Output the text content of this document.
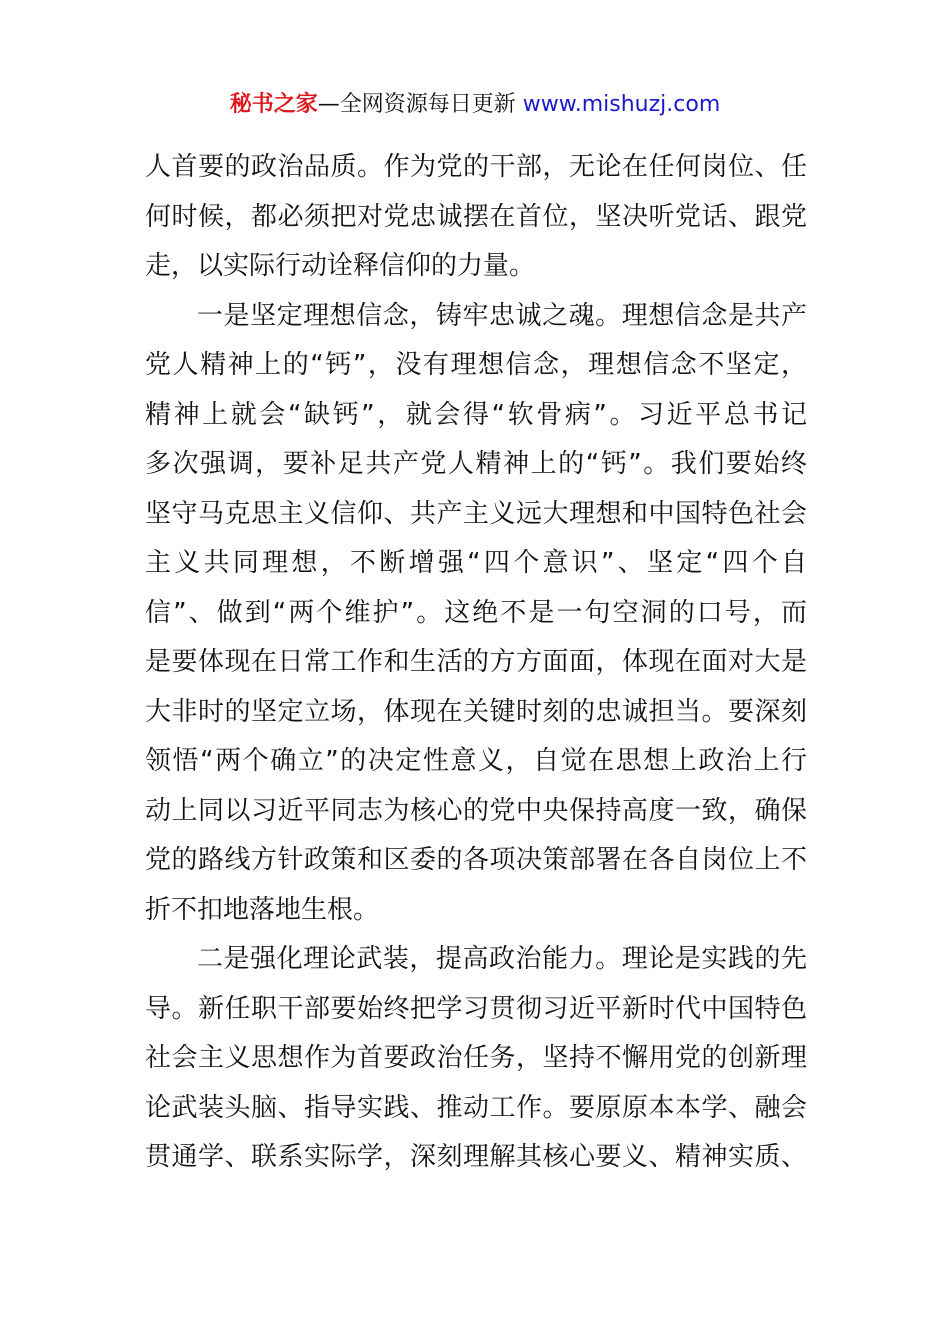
秘书之家—全网资源每日更新 www.mishuzj.com
人首要的政治品质。作为党的干部，无论在任何岗位、任
何时候，都必须把对党忠诚摆在首位，坚决听党话、跟党
走，以实际行动诠释信仰的力量。
一是坚定理想信念，铸牢忠诚之魂。理想信念是共产
党人精神上的“钙”，没有理想信念，理想信念不坚定，
精神上就会“缺钙”，就会得“软骨病”。习近平总书记
多次强调，要补足共产党人精神上的“钙”。我们要始终
坚守马克思主义信仰、共产主义远大理想和中国特色社会
主义共同理想，不断增强“四个意识”、坚定“四个自
信”、做到“两个维护”。这绝不是一句空洞的口号，而
是要体现在日常工作和生活的方方面面，体现在面对大是
大非时的坚定立场，体现在关键时刻的忠诚担当。要深刻
领悟“两个确立”的决定性意义，自觉在思想上政治上行
动上同以习近平同志为核心的党中央保持高度一致，确保
党的路线方针政策和区委的各项决策部署在各自岗位上不
折不扣地落地生根。
二是强化理论武装，提高政治能力。理论是实践的先
导。新任职干部要始终把学习贯彻习近平新时代中国特色
社会主义思想作为首要政治任务，坚持不懈用党的创新理
论武装头脑、指导实践、推动工作。要原原本本学、融会
贯通学、联系实际学，深刻理解其核心要义、精神实质、
